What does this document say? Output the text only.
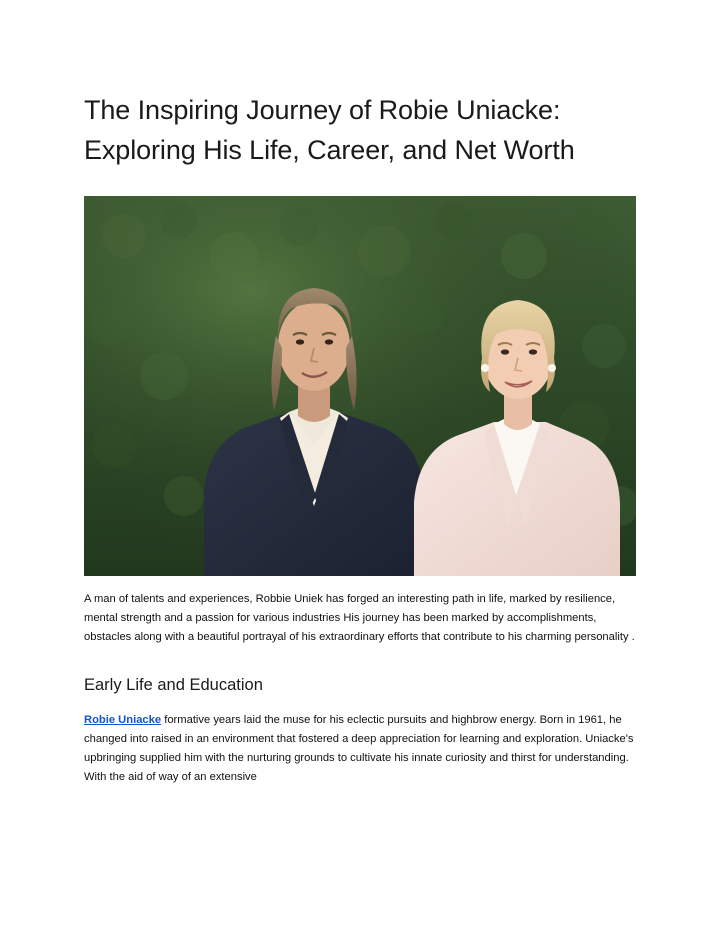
The Inspiring Journey of Robie Uniacke: Exploring His Life, Career, and Net Worth

A man of talents and experiences, Robbie Uniek has forged an interesting path in life, marked by resilience, mental strength and a passion for various industries His journey has been marked by accomplishments, obstacles along with a beautiful portrayal of his extraordinary efforts that contribute to his charming personality .

Early Life and Education

Robie Uniacke formative years laid the muse for his eclectic pursuits and highbrow energy. Born in 1961, he changed into raised in an environment that fostered a deep appreciation for learning and exploration. Uniacke's upbringing supplied him with the nurturing grounds to cultivate his innate curiosity and thirst for understanding. With the aid of way of an extensive
